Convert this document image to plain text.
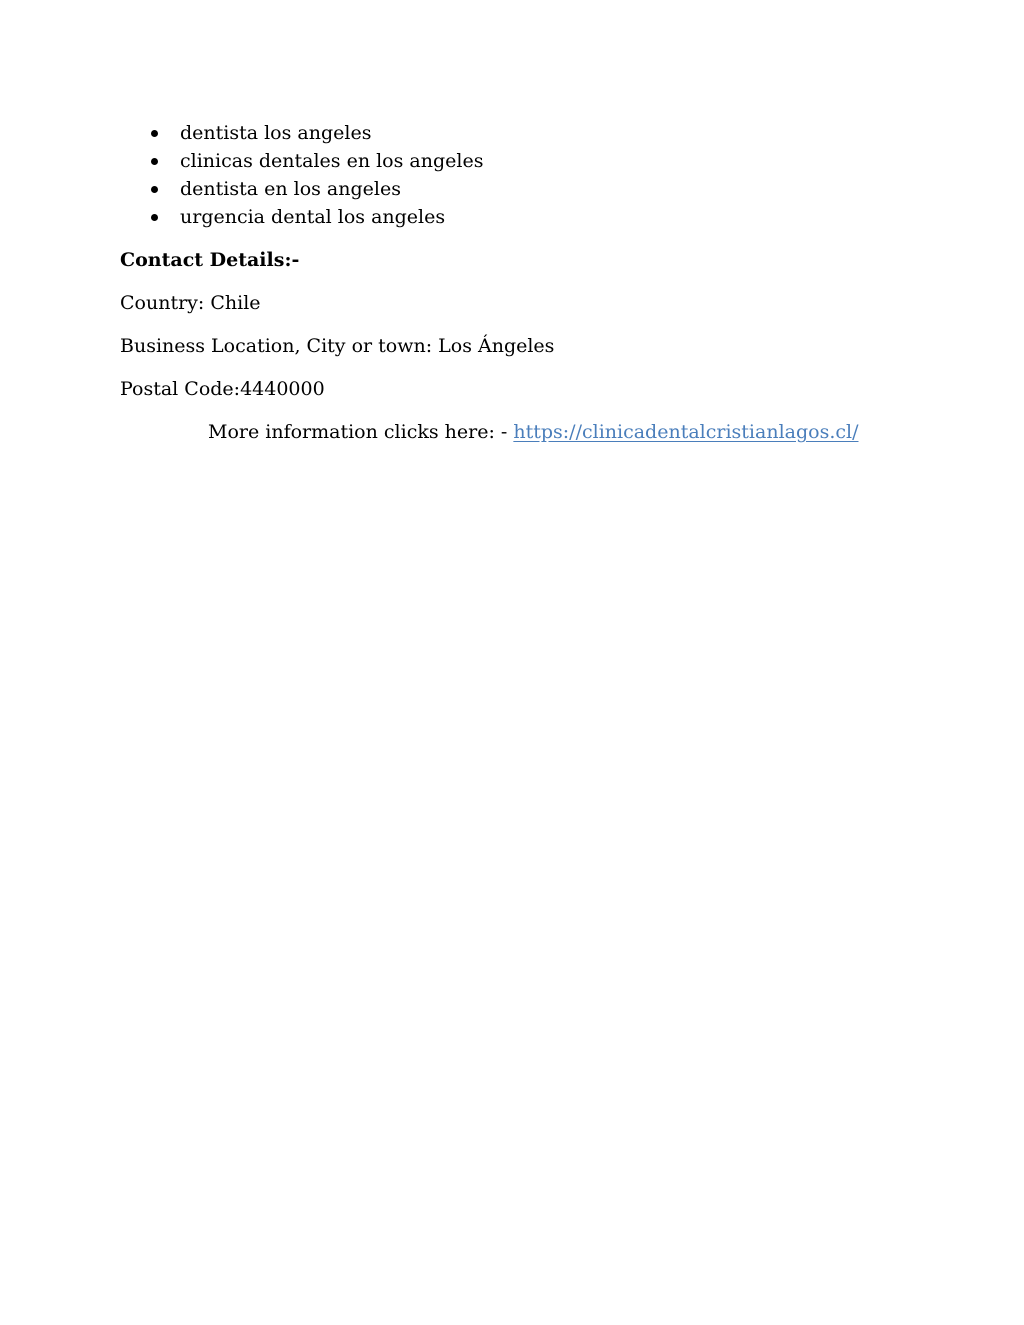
dentista los angeles
clinicas dentales en los angeles
dentista en los angeles
urgencia dental los angeles

Contact Details:-

Country: Chile

Business Location, City or town: Los Ángeles

Postal Code:4440000

More information clicks here: - https://clinicadentalcristianlagos.cl/
